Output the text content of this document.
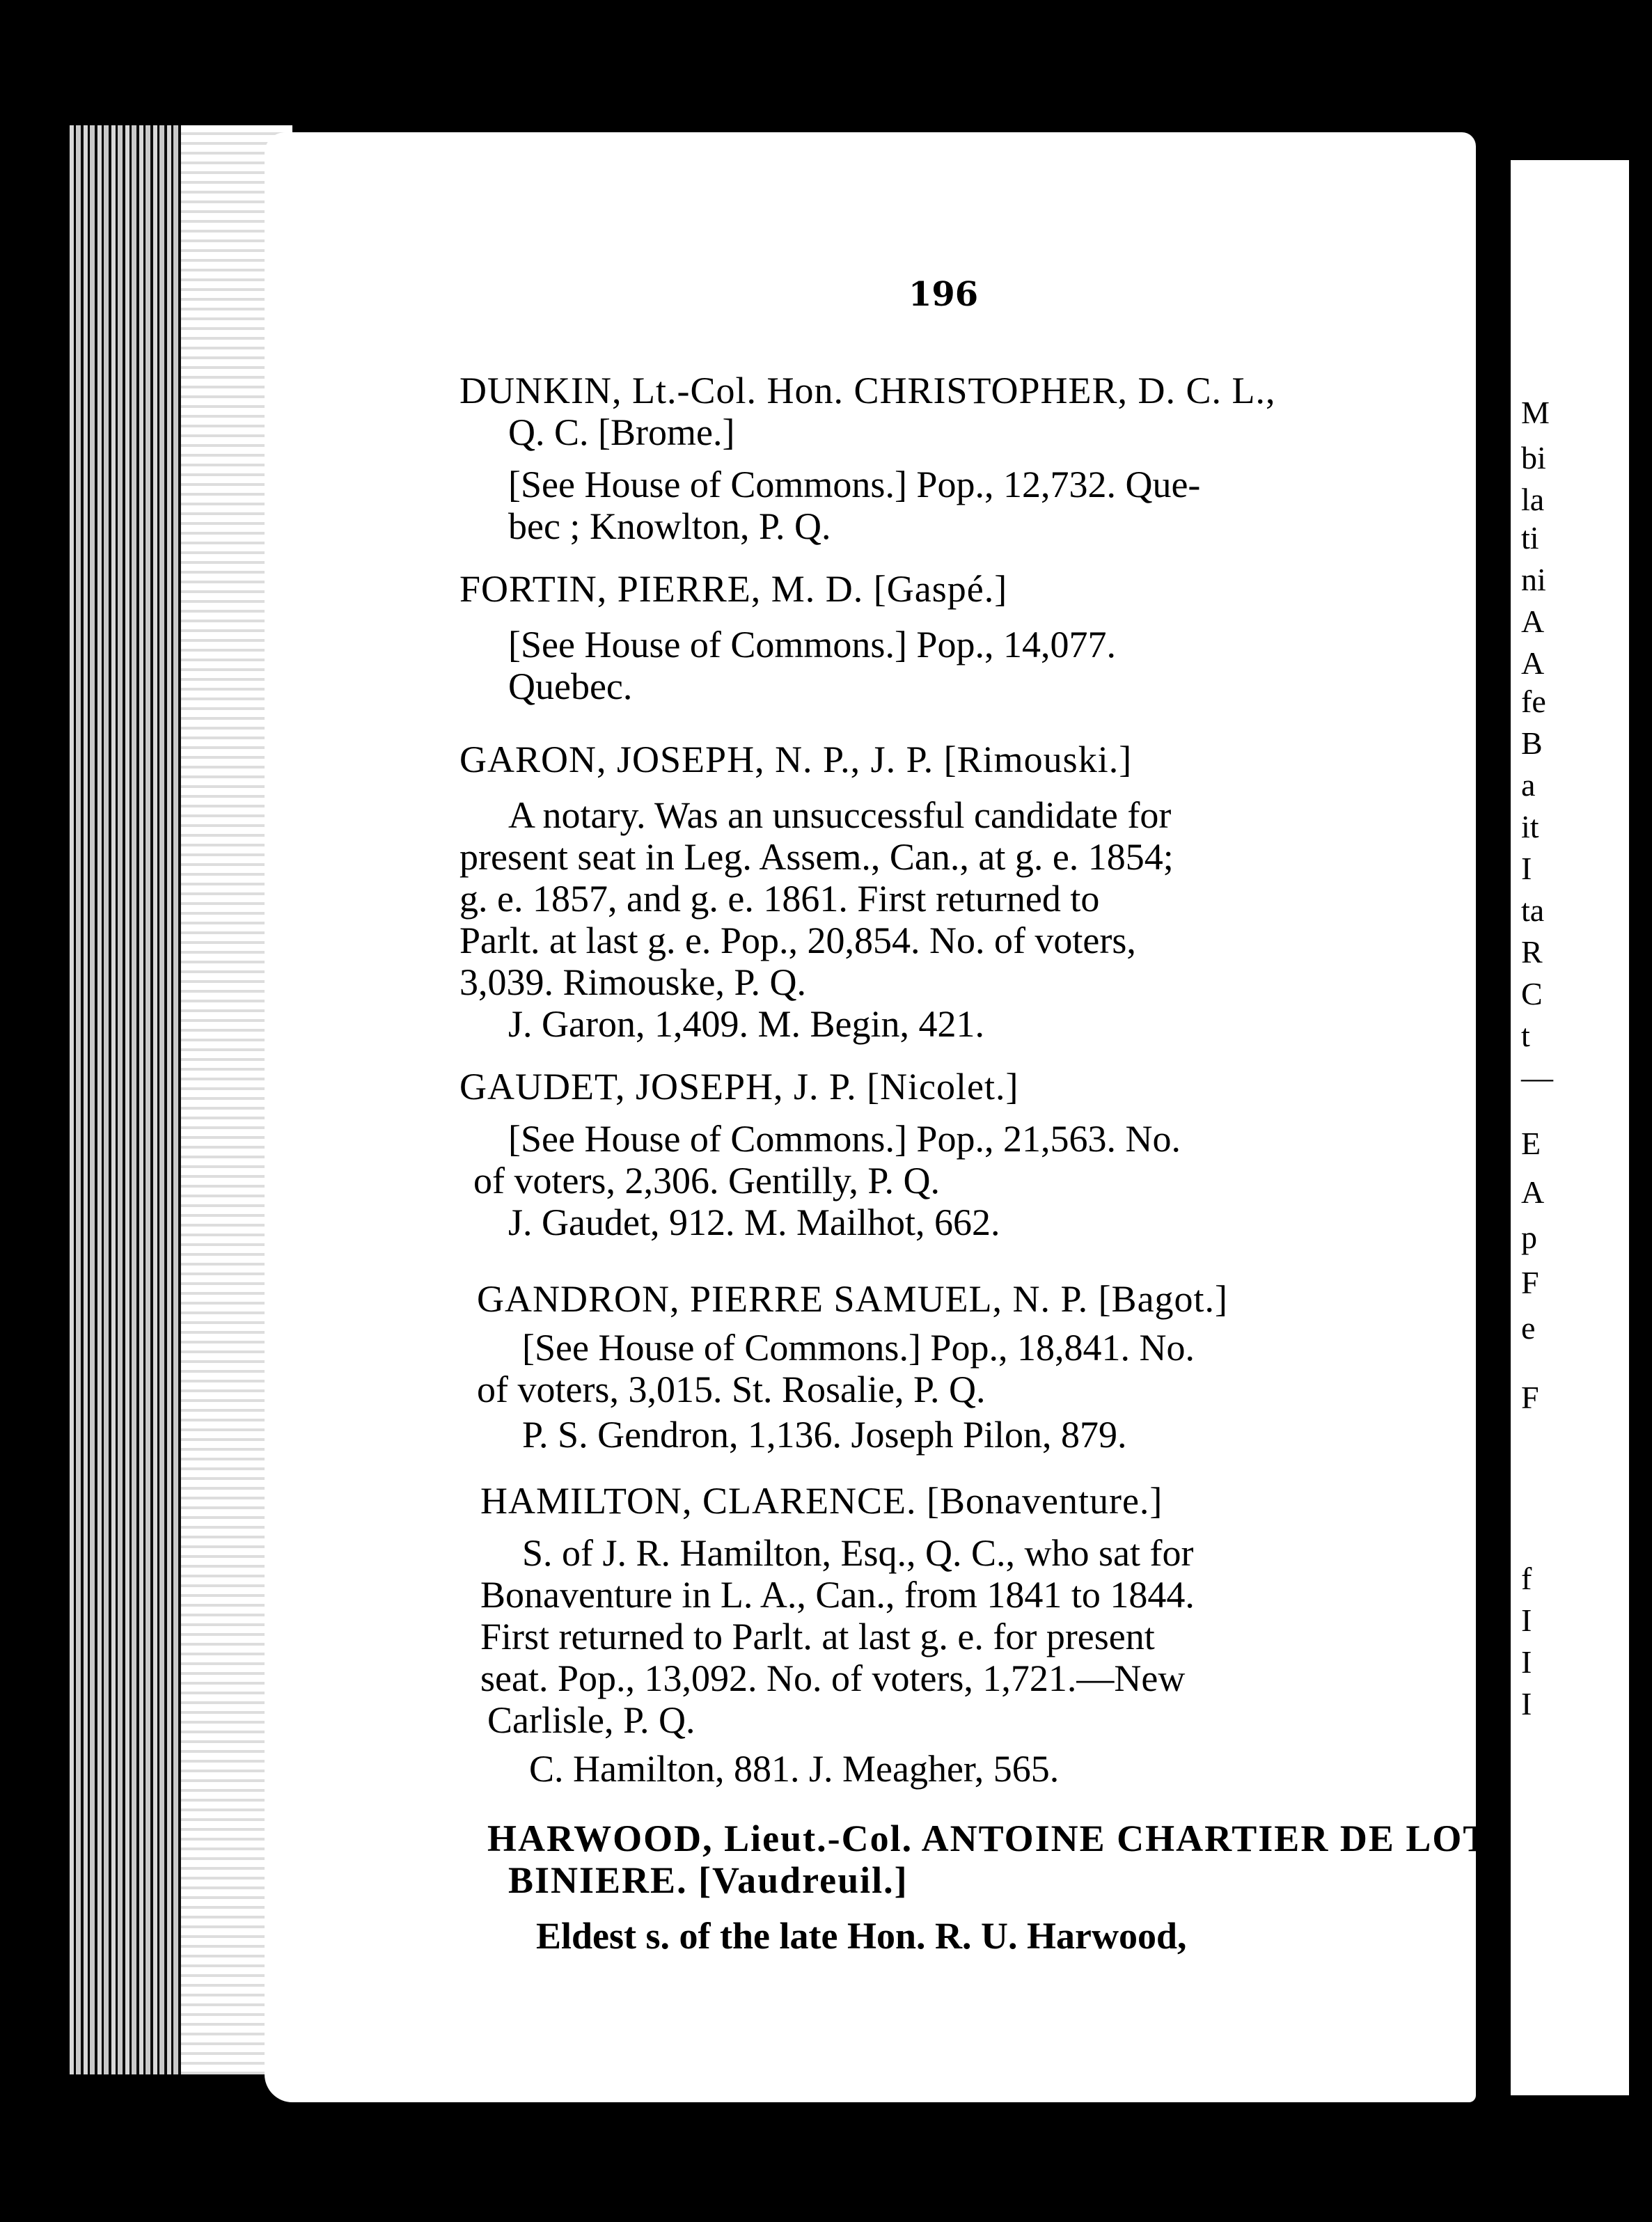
196
DUNKIN, Lt.-Col. Hon. CHRISTOPHER, D. C. L.,
Q. C. [Brome.]
[See House of Commons.] Pop., 12,732. Que-
bec ; Knowlton, P. Q.
FORTIN, PIERRE, M. D. [Gaspé.]
[See House of Commons.] Pop., 14,077.
Quebec.
GARON, JOSEPH, N. P., J. P. [Rimouski.]
A notary. Was an unsuccessful candidate for
present seat in Leg. Assem., Can., at g. e. 1854;
g. e. 1857, and g. e. 1861. First returned to
Parlt. at last g. e. Pop., 20,854. No. of voters,
3,039. Rimouske, P. Q.
J. Garon, 1,409. M. Begin, 421.
GAUDET, JOSEPH, J. P. [Nicolet.]
[See House of Commons.] Pop., 21,563. No.
of voters, 2,306. Gentilly, P. Q.
J. Gaudet, 912. M. Mailhot, 662.
GANDRON, PIERRE SAMUEL, N. P. [Bagot.]
[See House of Commons.] Pop., 18,841. No.
of voters, 3,015. St. Rosalie, P. Q.
P. S. Gendron, 1,136. Joseph Pilon, 879.
HAMILTON, CLARENCE. [Bonaventure.]
S. of J. R. Hamilton, Esq., Q. C., who sat for
Bonaventure in L. A., Can., from 1841 to 1844.
First returned to Parlt. at last g. e. for present
seat. Pop., 13,092. No. of voters, 1,721.—New
Carlisle, P. Q.
C. Hamilton, 881. J. Meagher, 565.
HARWOOD, Lieut.-Col. ANTOINE CHARTIER DE LOT-
BINIERE. [Vaudreuil.]
Eldest s. of the late Hon. R. U. Harwood,
M
bi
la
ti
ni
A
A
fe
B
a
it
I
ta
R
C
t
—
E
A
p
F
e
F
f
I
I
I
